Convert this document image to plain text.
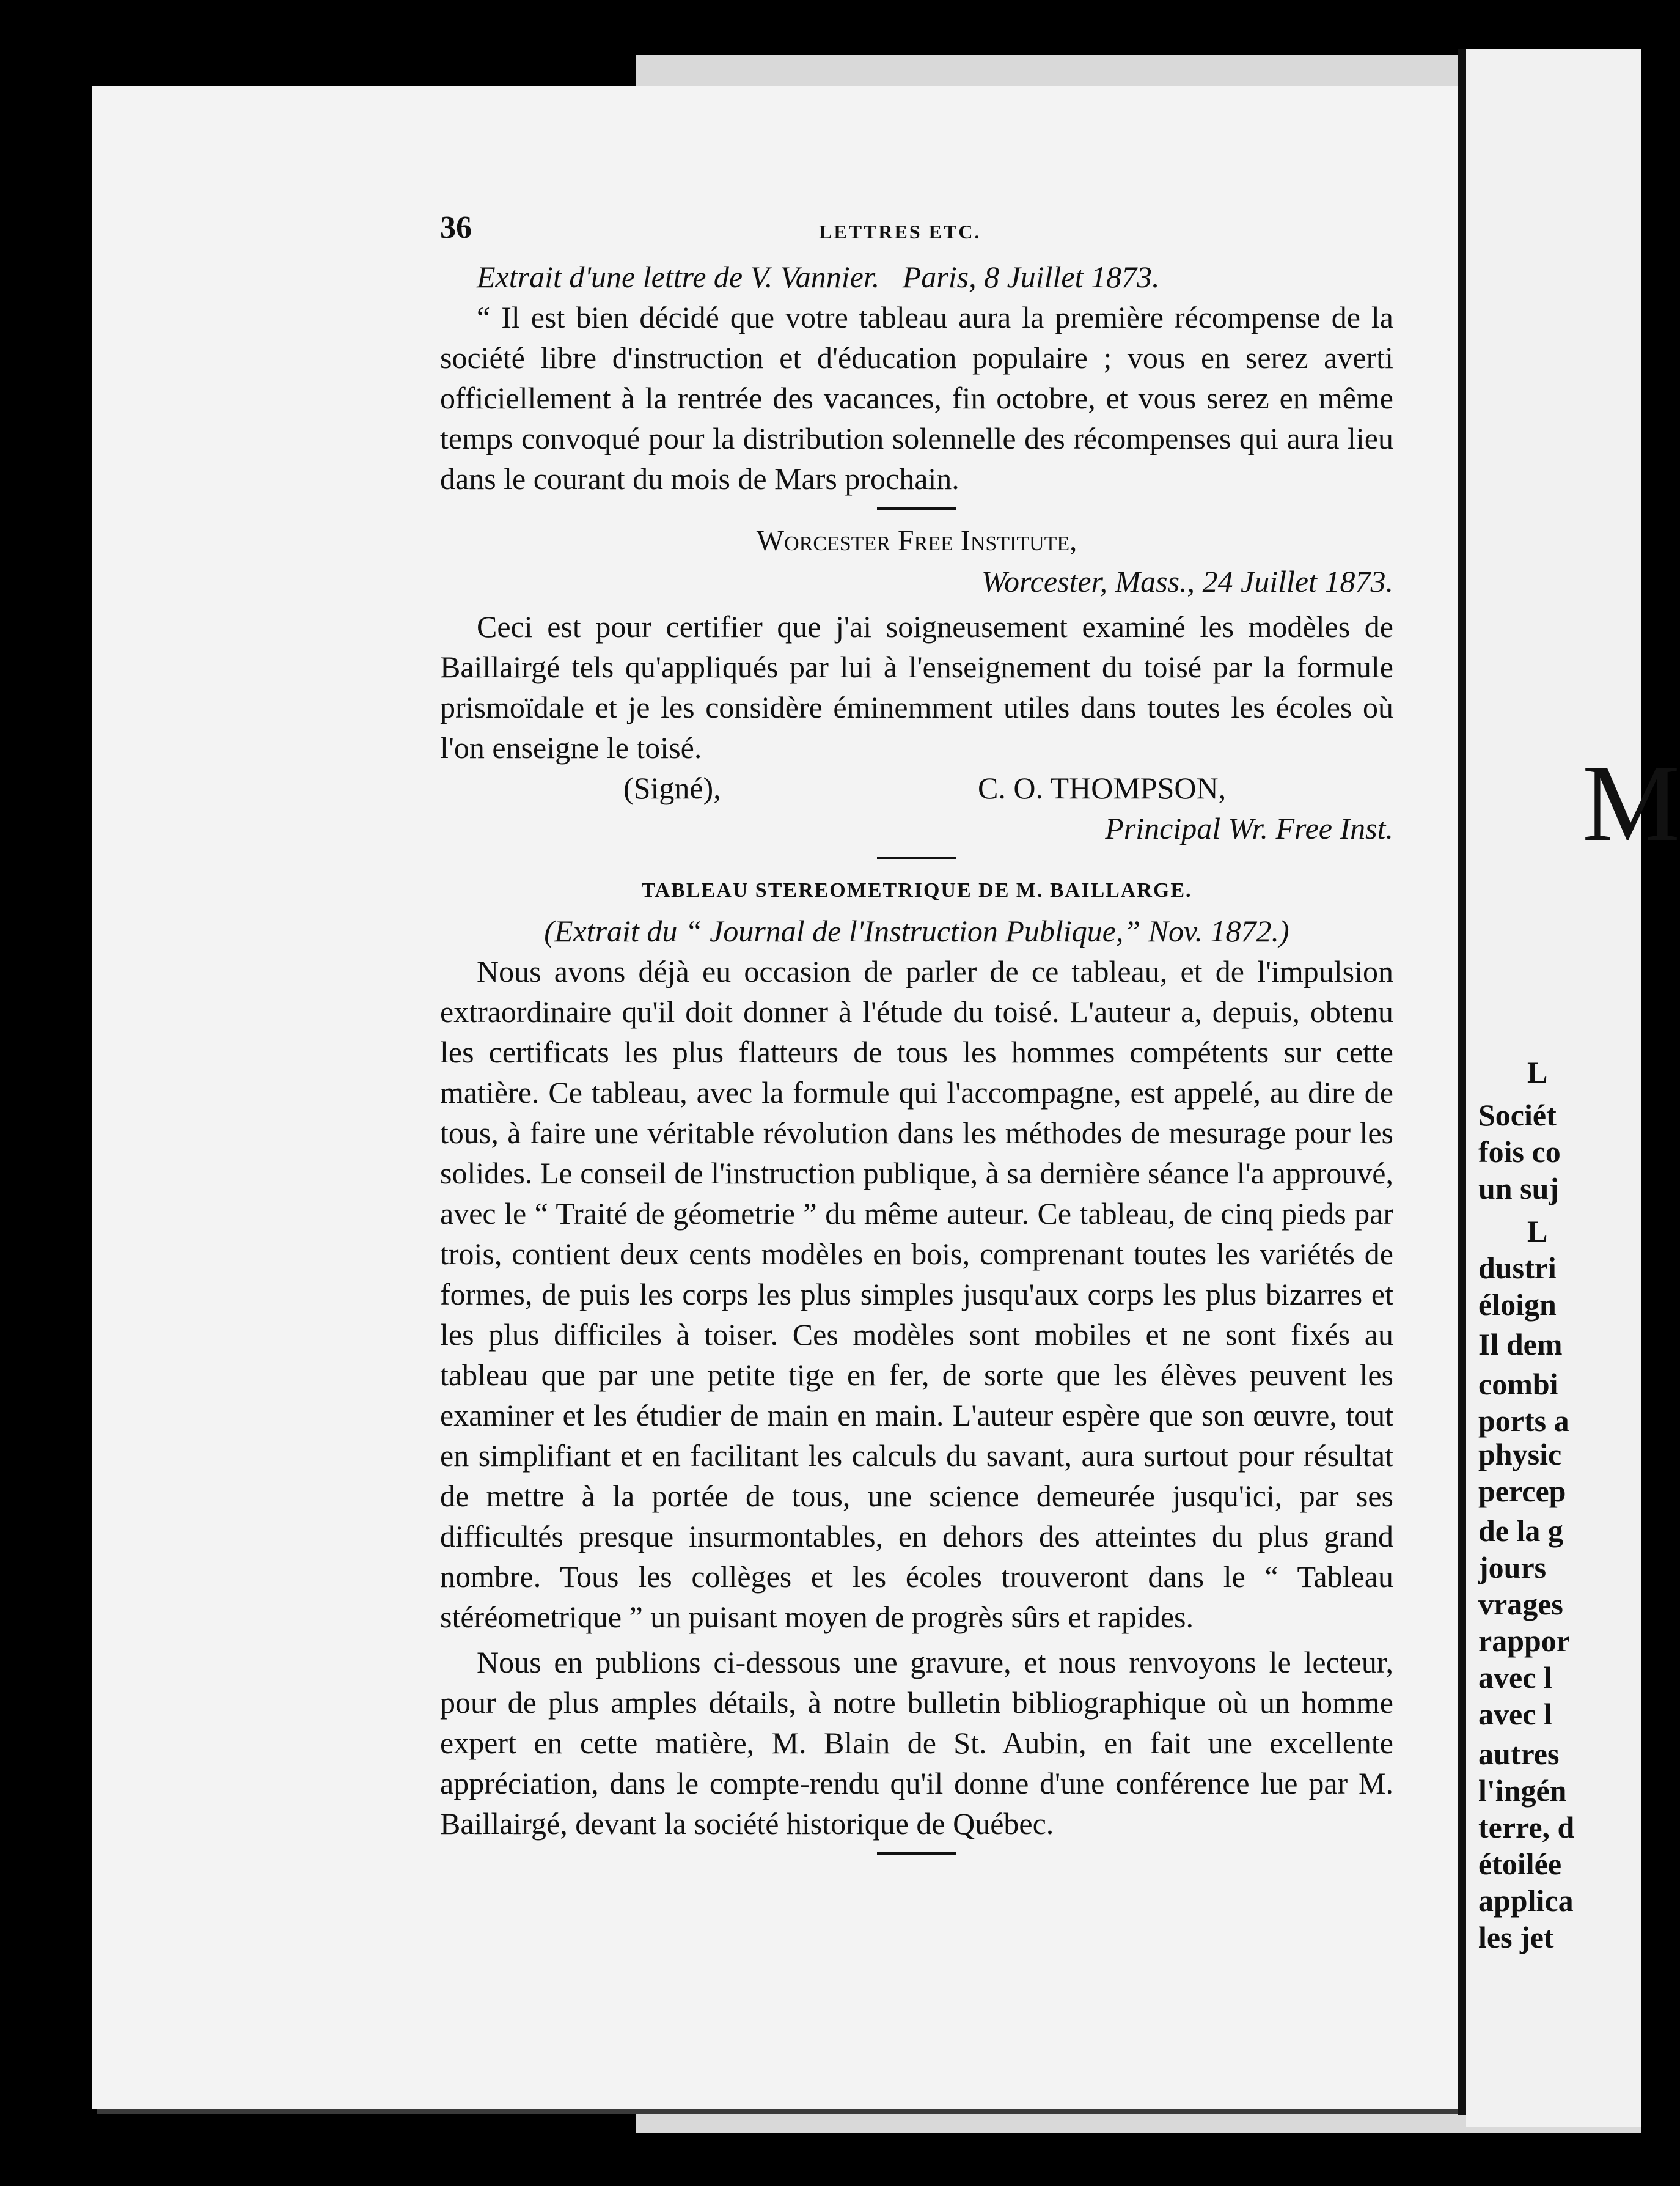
M
L
Sociét
fois co
un suj
L
dustri
éloign
Il dem
combi
ports a
physic
percep
de la g
jours
vrages
rappor
avec l
avec l
autres
l'ingén
terre, d
étoilée
applica
les jet
36	LETTRES ETC.

Extrait d'une lettre de V. Vannier. Paris, 8 Juillet 1873.

“ Il est bien décidé que votre tableau aura la première récompense de la société libre d'instruction et d'éducation populaire ; vous en serez averti officiellement à la rentrée des vacances, fin octobre, et vous serez en même temps convoqué pour la distribution solennelle des récompenses qui aura lieu dans le courant du mois de Mars prochain.

Worcester Free Institute,

Worcester, Mass., 24 Juillet 1873.

Ceci est pour certifier que j'ai soigneusement examiné les modèles de Baillairgé tels qu'appliqués par lui à l'enseignement du toisé par la formule prismoïdale et je les considère éminemment utiles dans toutes les écoles où l'on enseigne le toisé.

(Signé),	C. O. THOMPSON,
Principal Wr. Free Inst.

TABLEAU STEREOMETRIQUE DE M. BAILLARGE.

(Extrait du “ Journal de l'Instruction Publique,” Nov. 1872.)

Nous avons déjà eu occasion de parler de ce tableau, et de l'impulsion extraordinaire qu'il doit donner à l'étude du toisé. L'auteur a, depuis, obtenu les certificats les plus flatteurs de tous les hommes compétents sur cette matière. Ce tableau, avec la formule qui l'accompagne, est appelé, au dire de tous, à faire une véritable révolution dans les méthodes de mesurage pour les solides. Le conseil de l'instruction publique, à sa dernière séance l'a approuvé, avec le “ Traité de géometrie ” du même auteur. Ce tableau, de cinq pieds par trois, contient deux cents modèles en bois, comprenant toutes les variétés de formes, de puis les corps les plus simples jusqu'aux corps les plus bizarres et les plus difficiles à toiser. Ces modèles sont mobiles et ne sont fixés au tableau que par une petite tige en fer, de sorte que les élèves peuvent les examiner et les étudier de main en main. L'auteur espère que son œuvre, tout en simplifiant et en facilitant les calculs du savant, aura surtout pour résultat de mettre à la portée de tous, une science demeurée jusqu'ici, par ses difficultés presque insurmontables, en dehors des atteintes du plus grand nombre. Tous les collèges et les écoles trouveront dans le “ Tableau stéréometrique ” un puisant moyen de progrès sûrs et rapides.

Nous en publions ci-dessous une gravure, et nous renvoyons le lecteur, pour de plus amples détails, à notre bulletin bibliographique où un homme expert en cette matière, M. Blain de St. Aubin, en fait une excellente appréciation, dans le compte-rendu qu'il donne d'une conférence lue par M. Baillairgé, devant la société historique de Québec.
